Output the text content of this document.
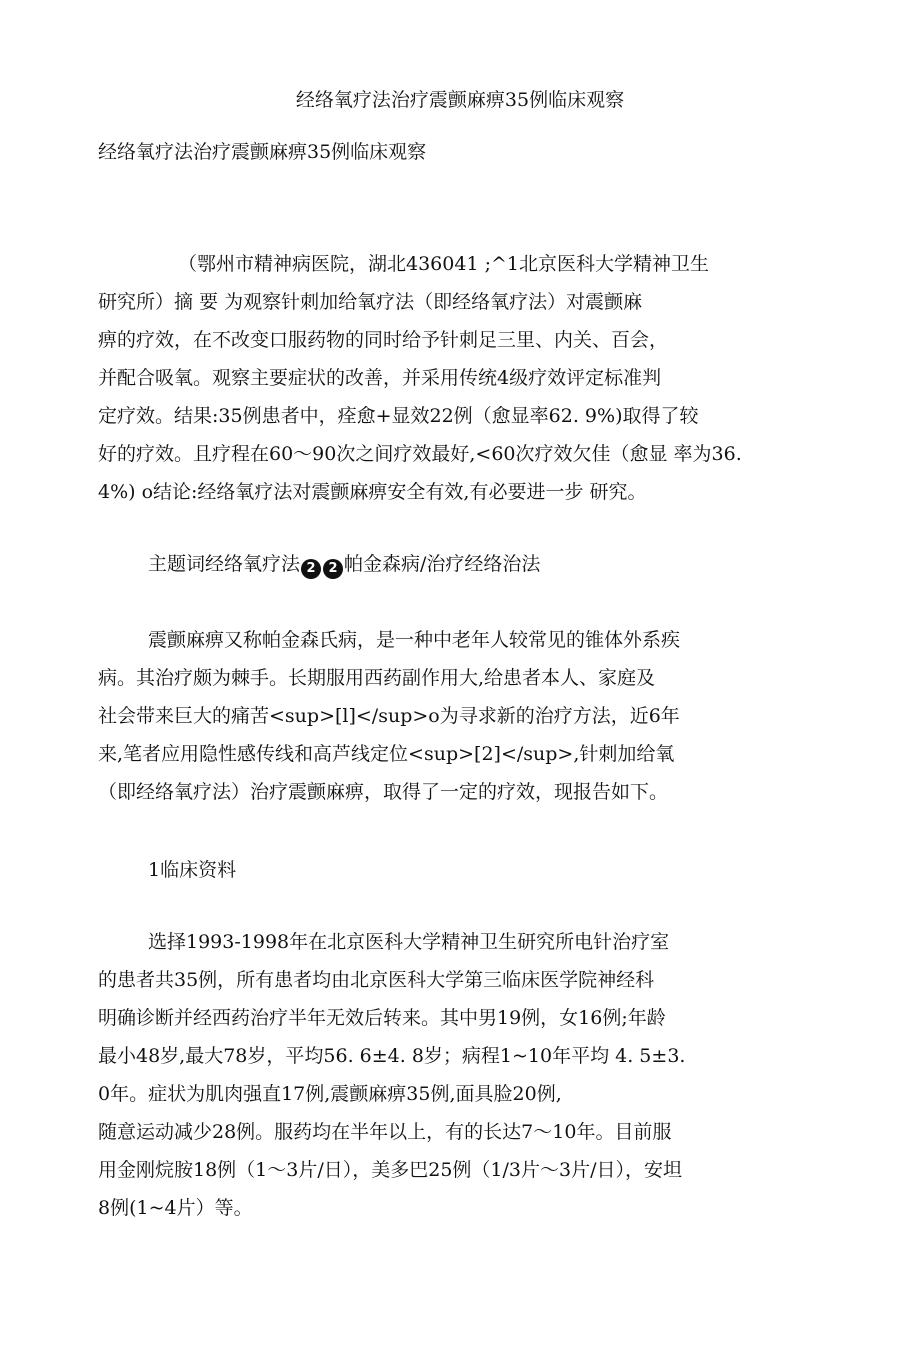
经络氧疗法治疗震颤麻痹35例临床观察
经络氧疗法治疗震颤麻痹35例临床观察
（鄂州市精神病医院，湖北436041 ;^1北京医科大学精神卫生
研究所）摘 要 为观察针刺加给氧疗法（即经络氧疗法）对震颤麻
痹的疗效，在不改变口服药物的同时给予针刺足三里、内关、百会，
并配合吸氧。观察主要症状的改善，并采用传统4级疗效评定标准判
定疗效。结果:35例患者中，痊愈+显效22例（愈显率62. 9%)取得了较
好的疗效。且疗程在60～90次之间疗效最好,<60次疗效欠佳（愈显 率为36.
4%) o结论:经络氧疗法对震颤麻痹安全有效,有必要进一步 研究。
主题词经络氧疗法 2 2 帕金森病/治疗经络治法
震颤麻痹又称帕金森氏病，是一种中老年人较常见的锥体外系疾
病。其治疗颇为棘手。长期服用西药副作用大,给患者本人、家庭及
社会带来巨大的痛苦<sup>[l]</sup>o为寻求新的治疗方法，近6年
来,笔者应用隐性感传线和高芦线定位<sup>[2]</sup>,针刺加给氧
（即经络氧疗法）治疗震颤麻痹，取得了一定的疗效，现报告如下。
1临床资料
选择1993-1998年在北京医科大学精神卫生研究所电针治疗室
的患者共35例，所有患者均由北京医科大学第三临床医学院神经科
明确诊断并经西药治疗半年无效后转来。其中男19例，女16例;年龄
最小48岁,最大78岁，平均56. 6±4. 8岁；病程1~10年平均 4. 5±3.
0年。症状为肌肉强直17例,震颤麻痹35例,面具脸20例,
随意运动减少28例。服药均在半年以上，有的长达7～10年。目前服
用金刚烷胺18例（1～3片/日），美多巴25例（1/3片～3片/日），安坦
8例(1~4片）等。
